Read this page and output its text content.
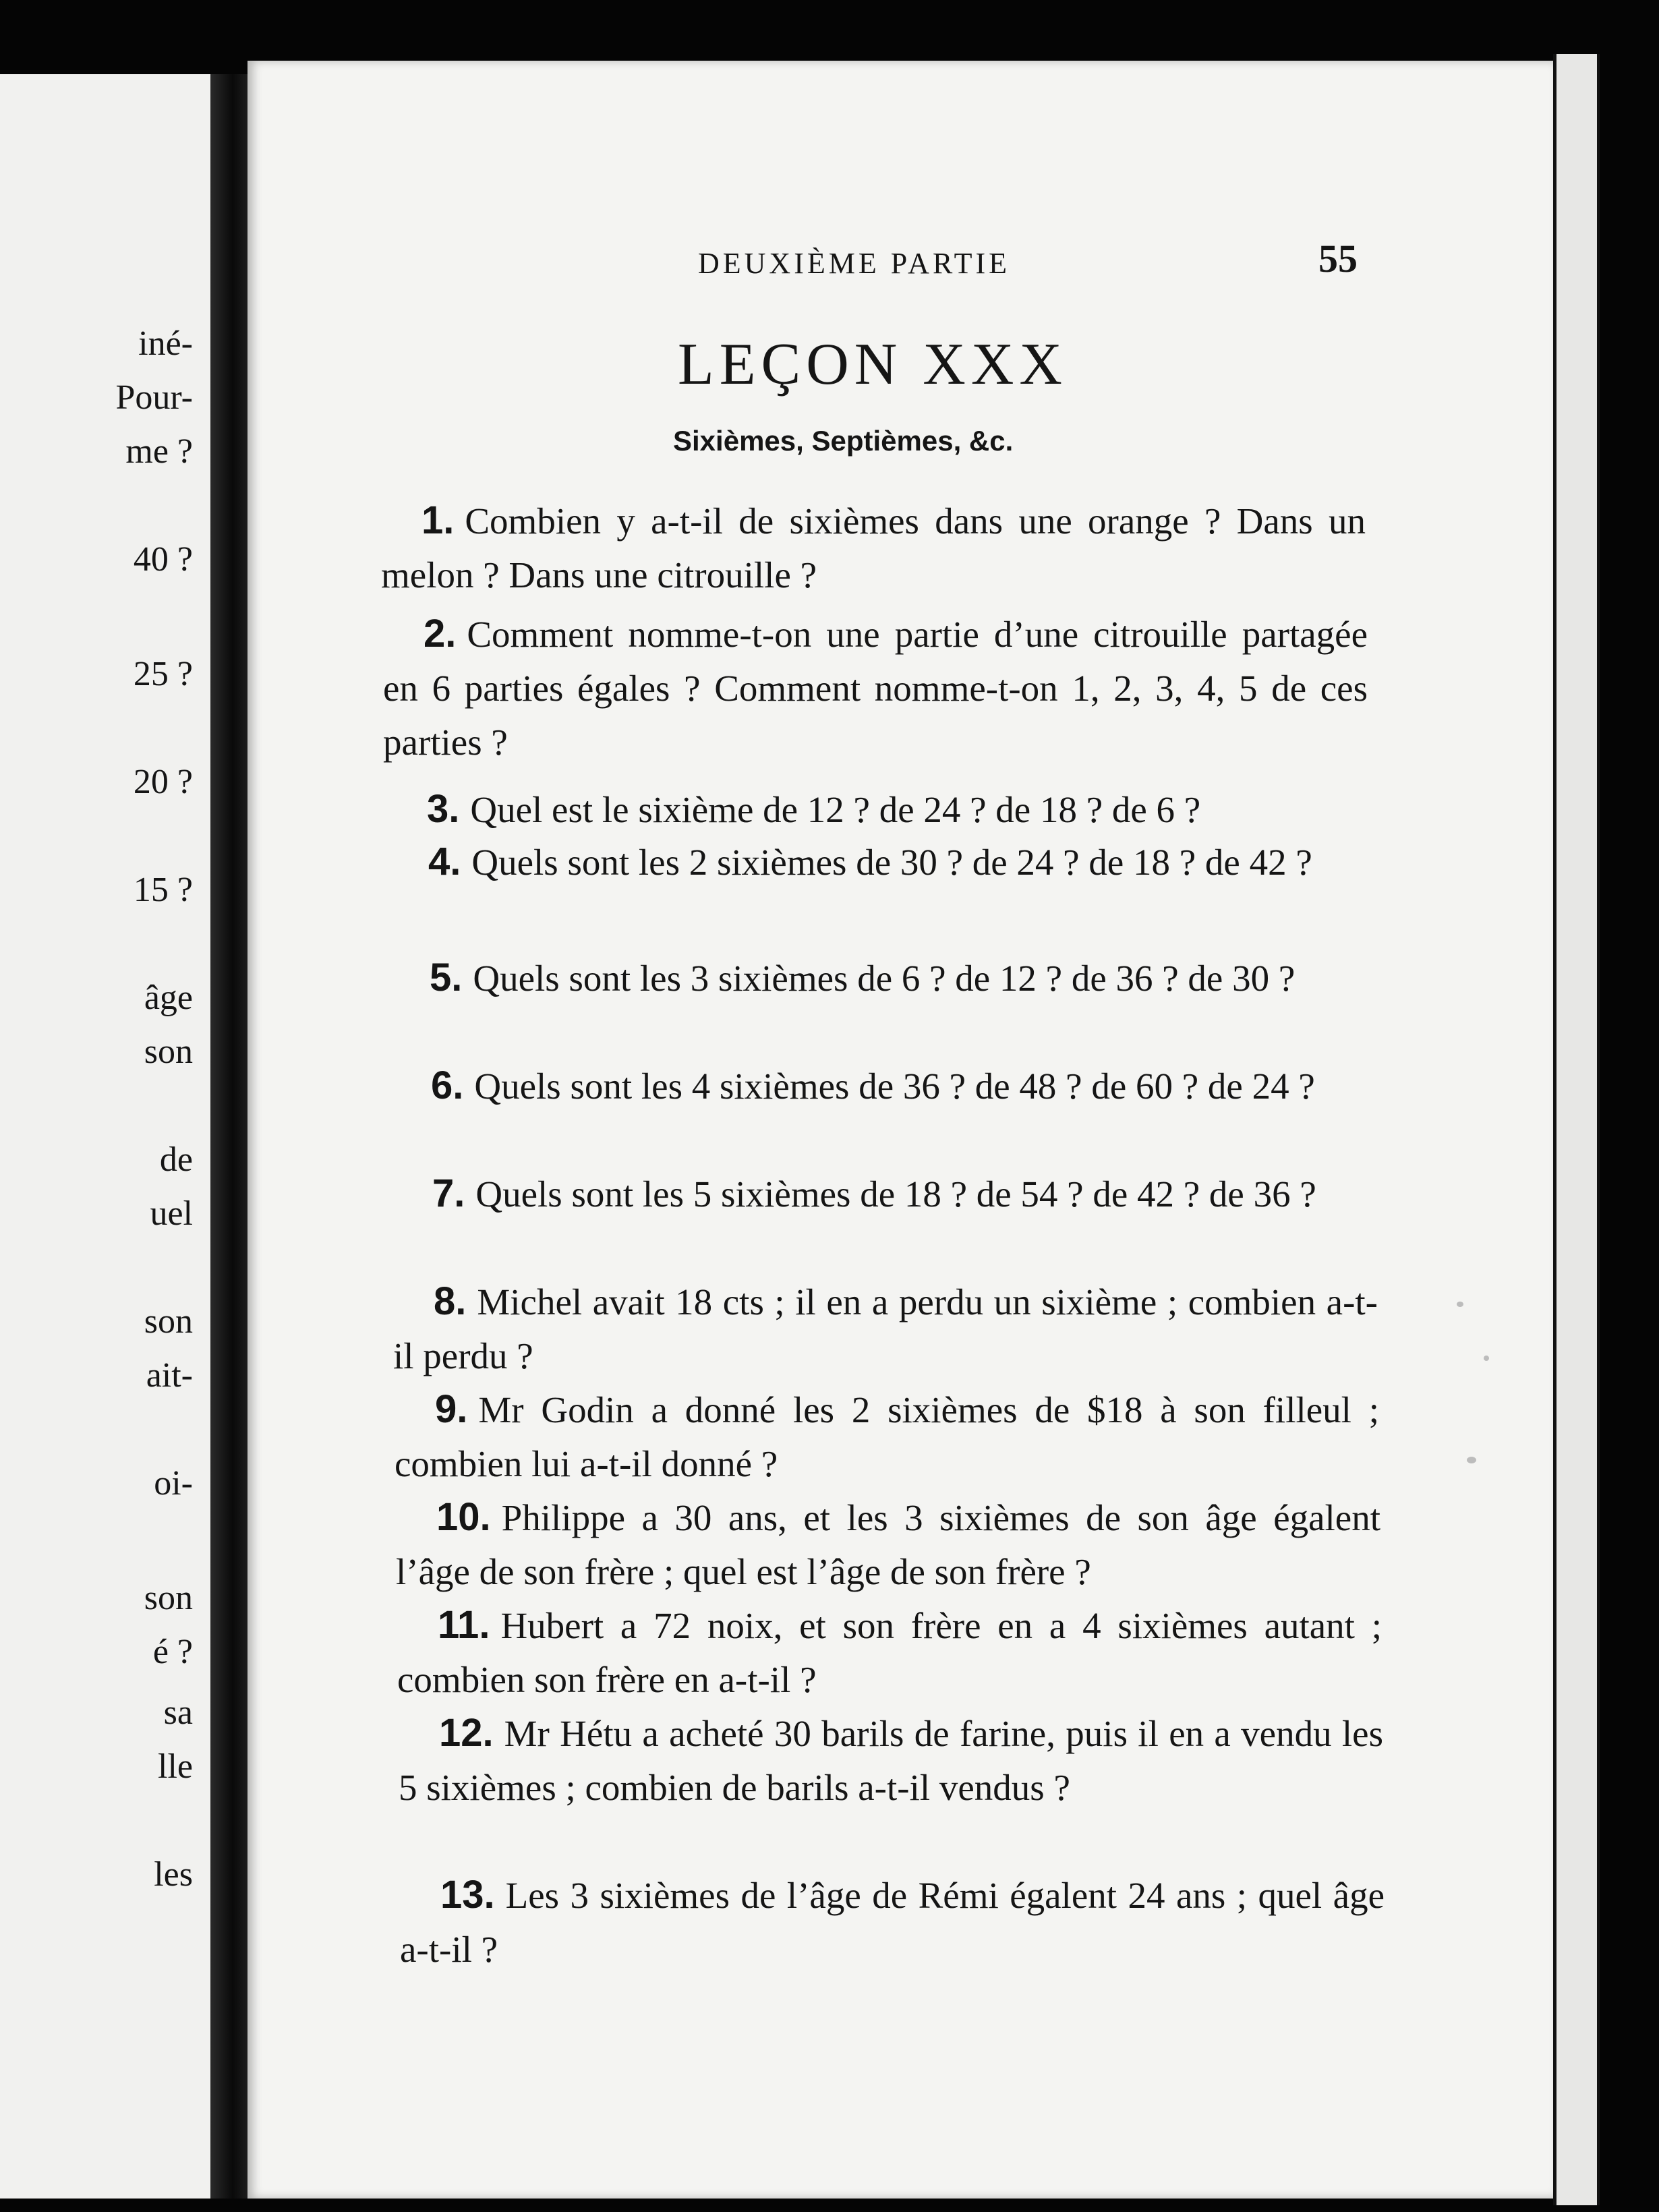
iné-
Pour-
me ?
40 ?
25 ?
20 ?
15 ?
âge
son
de
uel
son
ait-
oi-
son
é ?
sa
lle
les
DEUXIÈME PARTIE	55
LEÇON XXX
Sixièmes, Septièmes, &c.
1. Combien y a-t-il de sixièmes dans une orange ? Dans un melon ? Dans une citrouille ?
2. Comment nomme-t-on une partie d’une citrouille partagée en 6 parties égales ? Comment nomme-t-on 1, 2, 3, 4, 5 de ces parties ?
3. Quel est le sixième de 12 ? de 24 ? de 18 ? de 6 ?
4. Quels sont les 2 sixièmes de 30 ? de 24 ? de 18 ? de 42 ?
5. Quels sont les 3 sixièmes de 6 ? de 12 ? de 36 ? de 30 ?
6. Quels sont les 4 sixièmes de 36 ? de 48 ? de 60 ? de 24 ?
7. Quels sont les 5 sixièmes de 18 ? de 54 ? de 42 ? de 36 ?
8. Michel avait 18 cts ; il en a perdu un sixième ; combien a-t-il perdu ?
9. Mr Godin a donné les 2 sixièmes de $18 à son filleul ; combien lui a-t-il donné ?
10. Philippe a 30 ans, et les 3 sixièmes de son âge égalent l’âge de son frère ; quel est l’âge de son frère ?
11. Hubert a 72 noix, et son frère en a 4 sixièmes autant ; combien son frère en a-t-il ?
12. Mr Hétu a acheté 30 barils de farine, puis il en a vendu les 5 sixièmes ; combien de barils a-t-il vendus ?
13. Les 3 sixièmes de l’âge de Rémi égalent 24 ans ; quel âge a-t-il ?
